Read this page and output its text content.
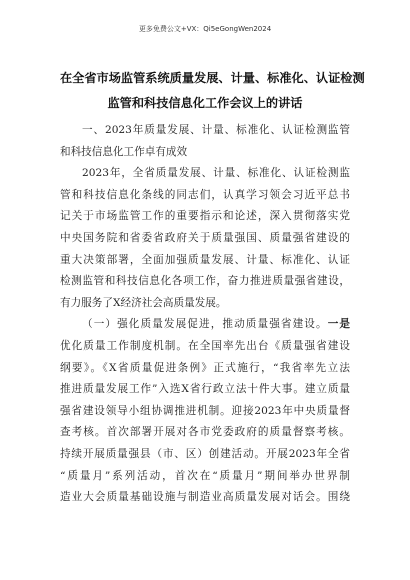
更多免费公文+VX：Qi5eGongWen2024
在全省市场监管系统质量发展、计量、标准化、认证检测
监管和科技信息化工作会议上的讲话
一、2023年质量发展、计量、标准化、认证检测监管
和科技信息化工作卓有成效
2023年，全省质量发展、计量、标准化、认证检测监
管和科技信息化条线的同志们，认真学习领会习近平总书
记关于市场监管工作的重要指示和论述，深入贯彻落实党
中央国务院和省委省政府关于质量强国、质量强省建设的
重大决策部署，全面加强质量发展、计量、标准化、认证
检测监管和科技信息化各项工作，奋力推进质量强省建设，
有力服务了X经济社会高质量发展。
（一）强化质量发展促进，推动质量强省建设。一是
优化质量工作制度机制。在全国率先出台《质量强省建设
纲要》。《X省质量促进条例》正式施行，“我省率先立法
推进质量发展工作”入选X省行政立法十件大事。建立质量
强省建设领导小组协调推进机制。迎接2023年中央质量督
查考核。首次部署开展对各市党委政府的质量督察考核。
持续开展质量强县（市、区）创建活动。开展2023年全省
“质量月”系列活动，首次在“质量月”期间举办世界制
造业大会质量基础设施与制造业高质量发展对话会。围绕
